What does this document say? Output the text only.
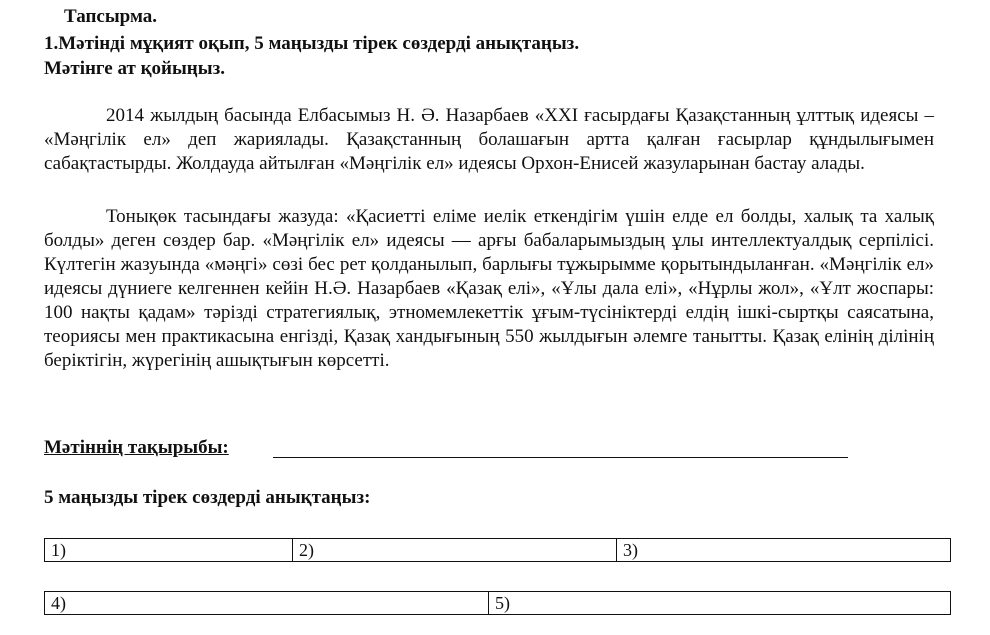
Тапсырма.
1.Мәтінді мұқият оқып, 5 маңызды тірек сөздерді анықтаңыз.
Мәтінге ат қойыңыз.

2014 жылдың басында Елбасымыз Н. Ә. Назарбаев «XXI ғасырдағы Қазақстанның ұлттық идеясы – «Мәңгілік ел» деп жариялады. Қазақстанның болашағын артта қалған ғасырлар құндылығымен сабақтастырды. Жолдауда айтылған «Мәңгілік ел» идеясы Орхон-Енисей жазуларынан бастау алады.

Тонықөк тасындағы жазуда: «Қасиетті еліме иелік еткендігім үшін елде ел болды, халық та халық болды» деген сөздер бар. «Мәңгілік ел» идеясы — арғы бабаларымыздың ұлы интеллектуалдық серпілісі. Күлтегін жазуында «мәңгі» сөзі бес рет қолданылып, барлығы тұжырымме қорытындыланған. «Мәңгілік ел» идеясы дүниеге келгеннен кейін Н.Ә. Назарбаев «Қазақ елі», «Ұлы дала елі», «Нұрлы жол», «Ұлт жоспары: 100 нақты қадам» тәрізді стратегиялық, этномемлекеттік ұғым-түсініктерді елдің ішкі-сыртқы саясатына, теориясы мен практикасына енгізді, Қазақ хандығының 550 жылдығын әлемге танытты. Қазақ елінің ділінің беріктігін, жүрегінің ашықтығын көрсетті.

Мәтіннің тақырыбы:
5 маңызды тірек сөздерді анықтаңыз:
1)	2)	3)
4)	5)
